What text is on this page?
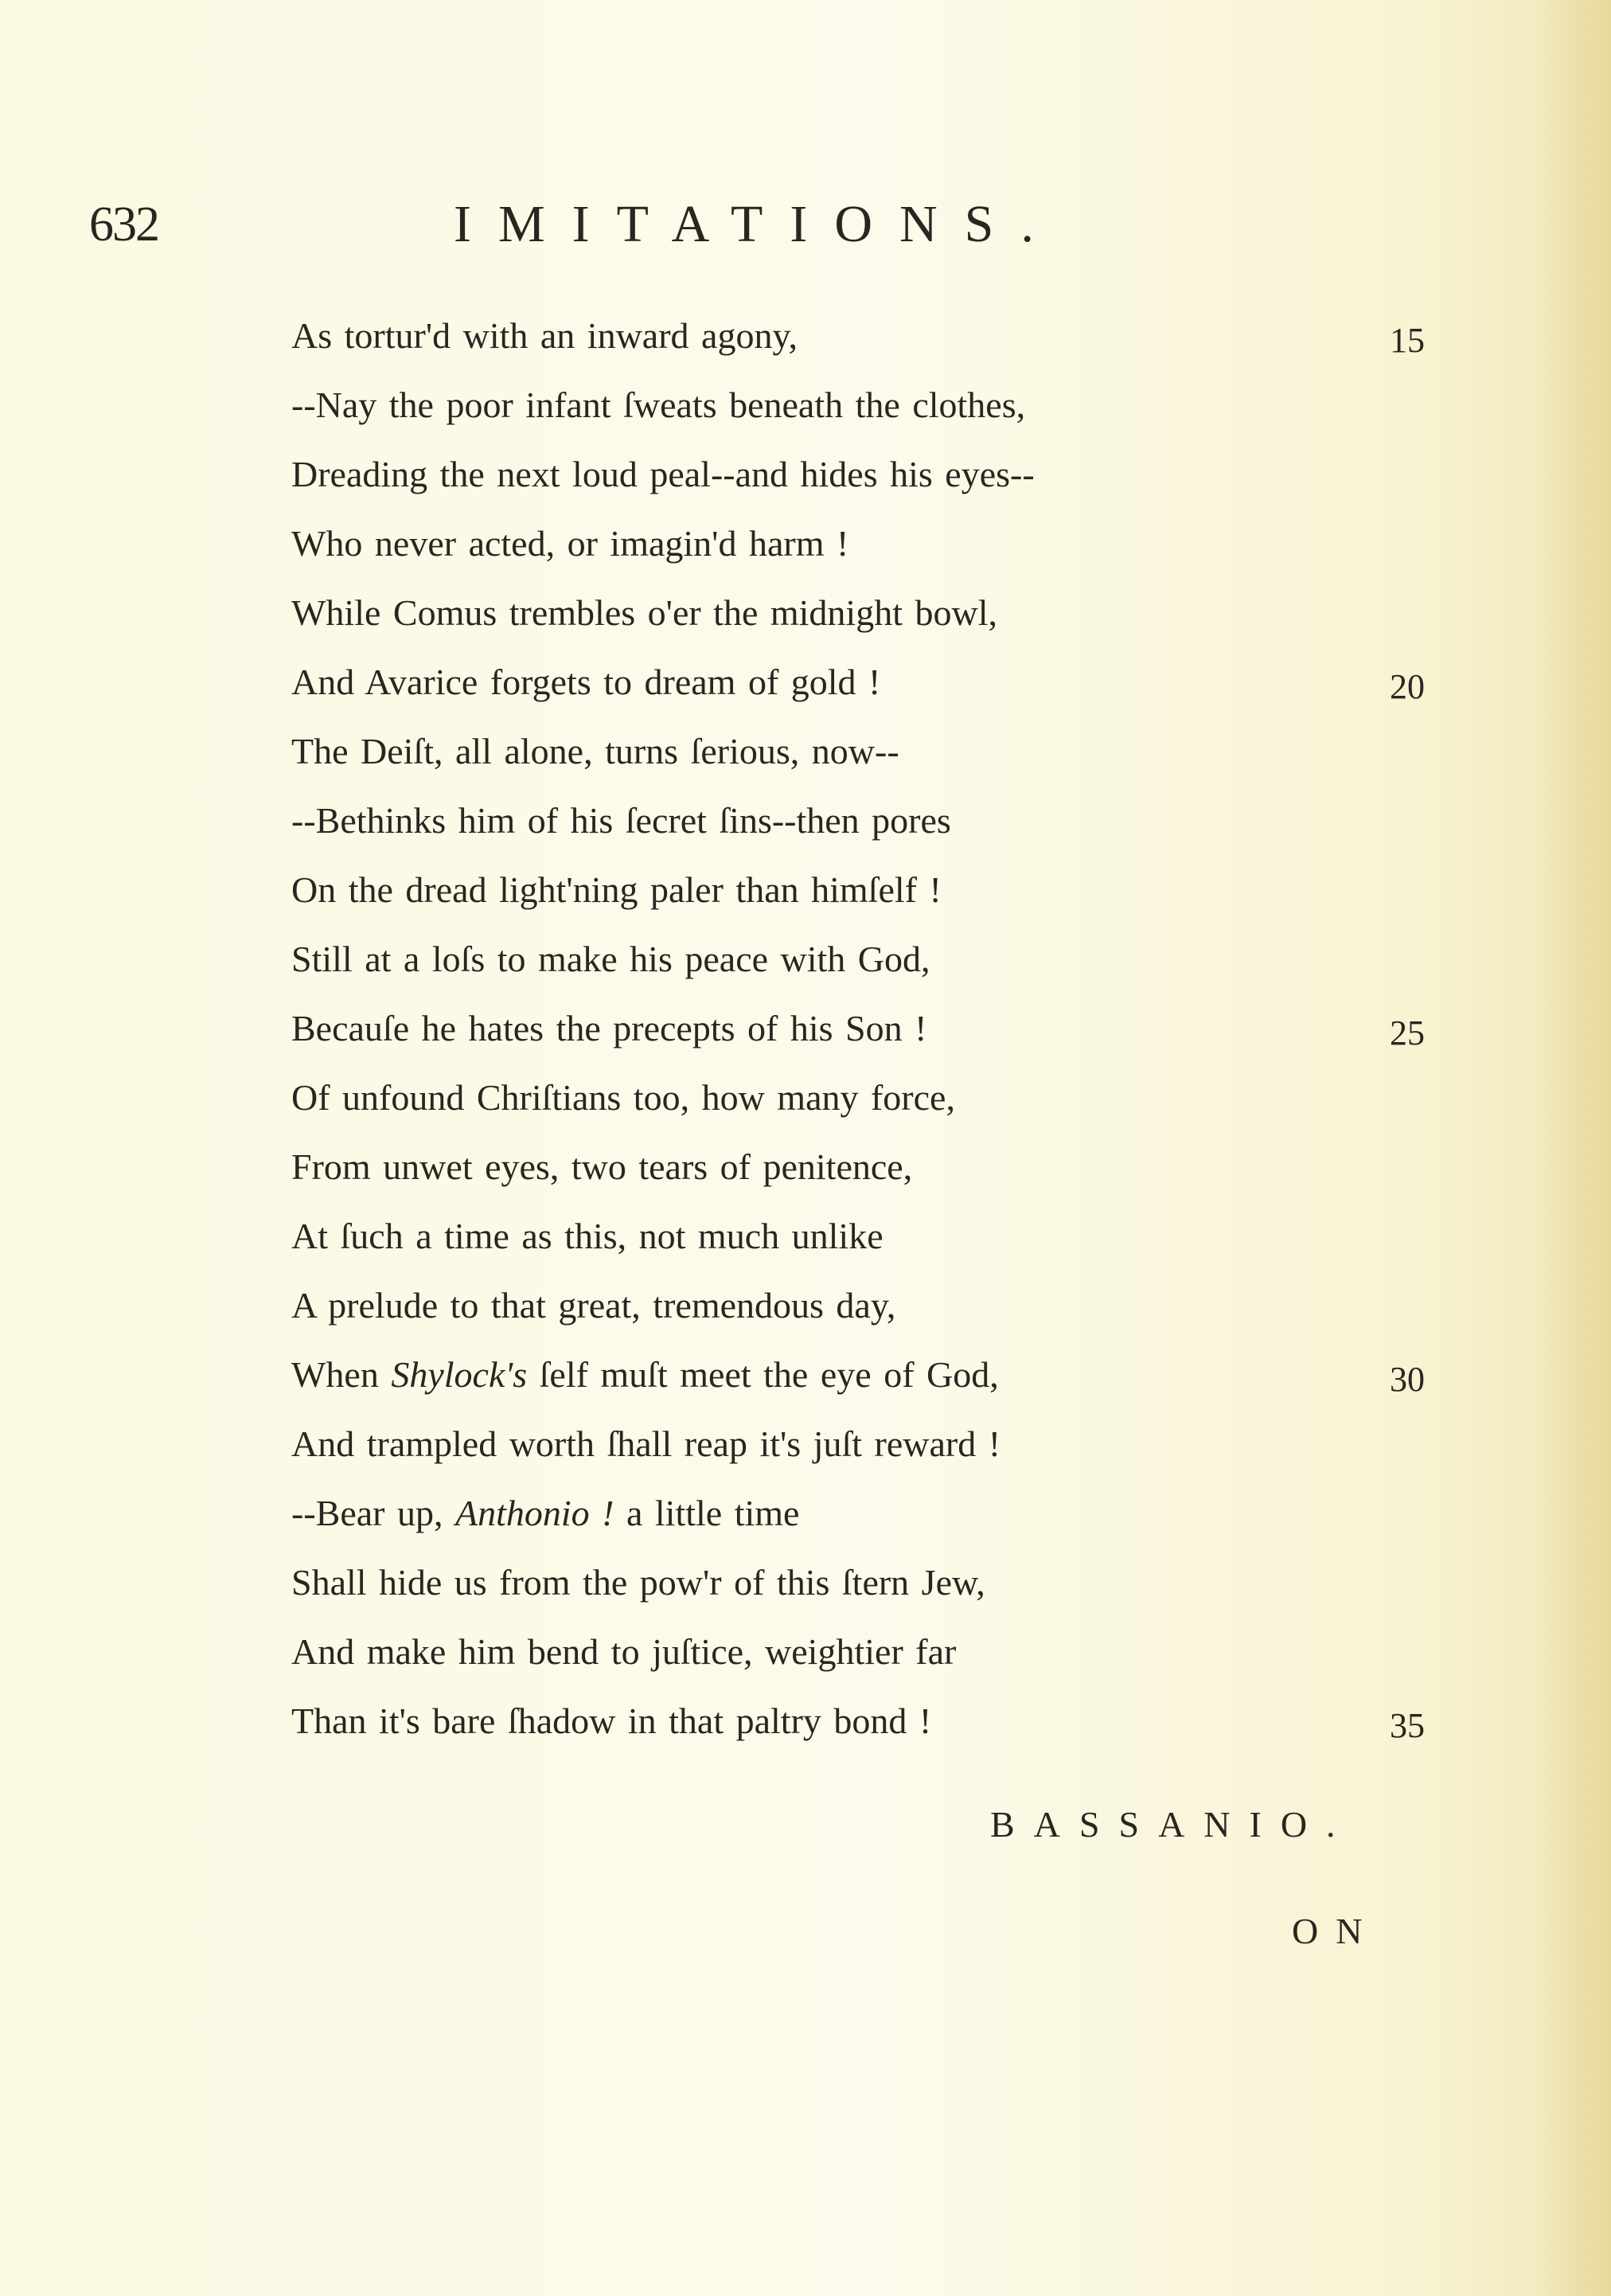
632	IMITATIONS.
As tortur'd with an inward agony,	15
--Nay the poor infant ſweats beneath the clothes,
Dreading the next loud peal--and hides his eyes--
Who never acted, or imagin'd harm !
While Comus trembles o'er the midnight bowl,
And Avarice forgets to dream of gold !	20
The Deiſt, all alone, turns ſerious, now--
--Bethinks him of his ſecret ſins--then pores
On the dread light'ning paler than himſelf !
Still at a loſs to make his peace with God,
Becauſe he hates the precepts of his Son !	25
Of unfound Chriſtians too, how many force,
From unwet eyes, two tears of penitence,
At ſuch a time as this, not much unlike
A prelude to that great, tremendous day,
When Shylock's ſelf muſt meet the eye of God,	30
And trampled worth ſhall reap it's juſt reward !
--Bear up, Anthonio ! a little time
Shall hide us from the pow'r of this ſtern Jew,
And make him bend to juſtice, weightier far
Than it's bare ſhadow in that paltry bond !	35
BASSANIO.
ON
